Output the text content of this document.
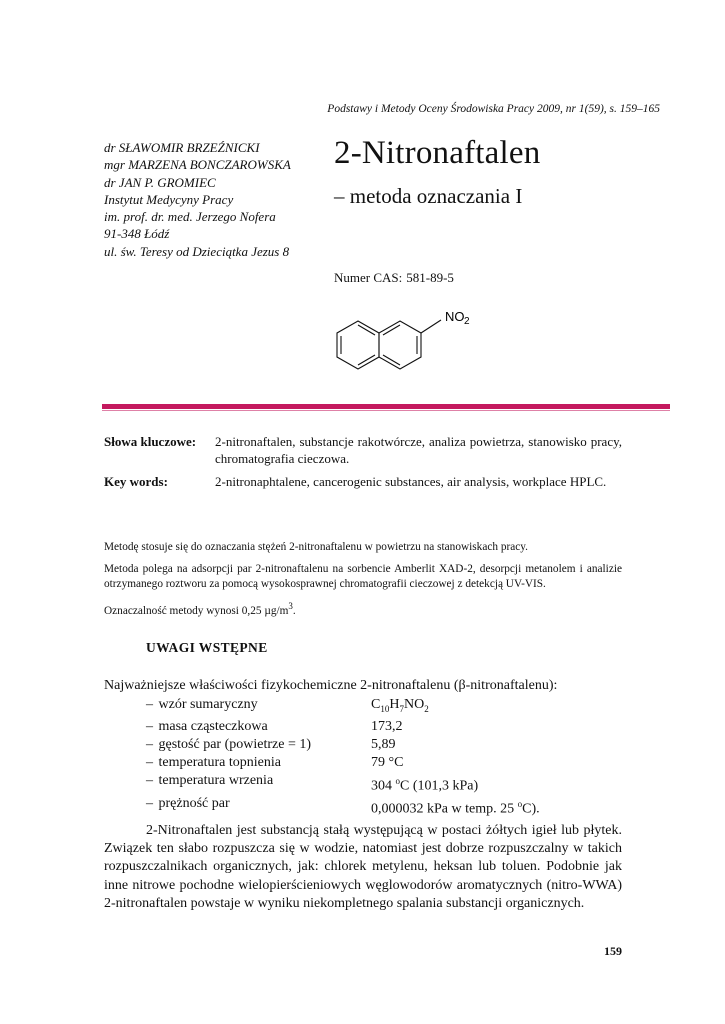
Podstawy i Metody Oceny Środowiska Pracy 2009, nr 1(59), s. 159–165
dr SŁAWOMIR BRZEŹNICKI
mgr MARZENA BONCZAROWSKA
dr JAN P. GROMIEC
Instytut Medycyny Pracy
im. prof. dr. med. Jerzego Nofera
91-348 Łódź
ul. św. Teresy od Dzieciątka Jezus 8
2-Nitronaftalen
– metoda oznaczania I
Numer CAS: 581-89-5
NO 2
Słowa kluczowe:	2-nitronaftalen, substancje rakotwórcze, analiza powietrza, stanowisko pracy, chromatografia cieczowa.
Key words:	2-nitronaphtalene, cancerogenic substances, air analysis, workplace HPLC.

Metodę stosuje się do oznaczania stężeń 2-nitronaftalenu w powietrzu na stanowiskach pracy.

Metoda polega na adsorpcji par 2-nitronaftalenu na sorbencie Amberlit XAD-2, desorpcji metanolem i analizie otrzymanego roztworu za pomocą wysokosprawnej chromatografii cieczowej z detekcją UV-VIS.

Oznaczalność metody wynosi 0,25 $\mu g/m^3$.

UWAGI WSTĘPNE
Najważniejsze właściwości fizykochemiczne 2-nitronaftalenu (β-nitronaftalenu):
– wzór sumaryczny	$C_{10}H_7NO_2$
– masa cząsteczkowa	173,2
– gęstość par (powietrze = 1)	5,89
– temperatura topnienia	79 °C
– temperatura wrzenia	304 $^o$C (101,3 kPa)
– prężność par	0,000032 kPa w temp. 25 $^o$C).

2-Nitronaftalen jest substancją stałą występującą w postaci żółtych igieł lub płytek. Związek ten słabo rozpuszcza się w wodzie, natomiast jest dobrze rozpuszczalny w takich rozpuszczalnikach organicznych, jak: chlorek metylenu, heksan lub toluen. Podobnie jak inne nitrowe pochodne wielopierścieniowych węglowodorów aromatycznych (nitro-WWA) 2-nitronaftalen powstaje w wyniku niekompletnego spalania substancji organicznych.

159
